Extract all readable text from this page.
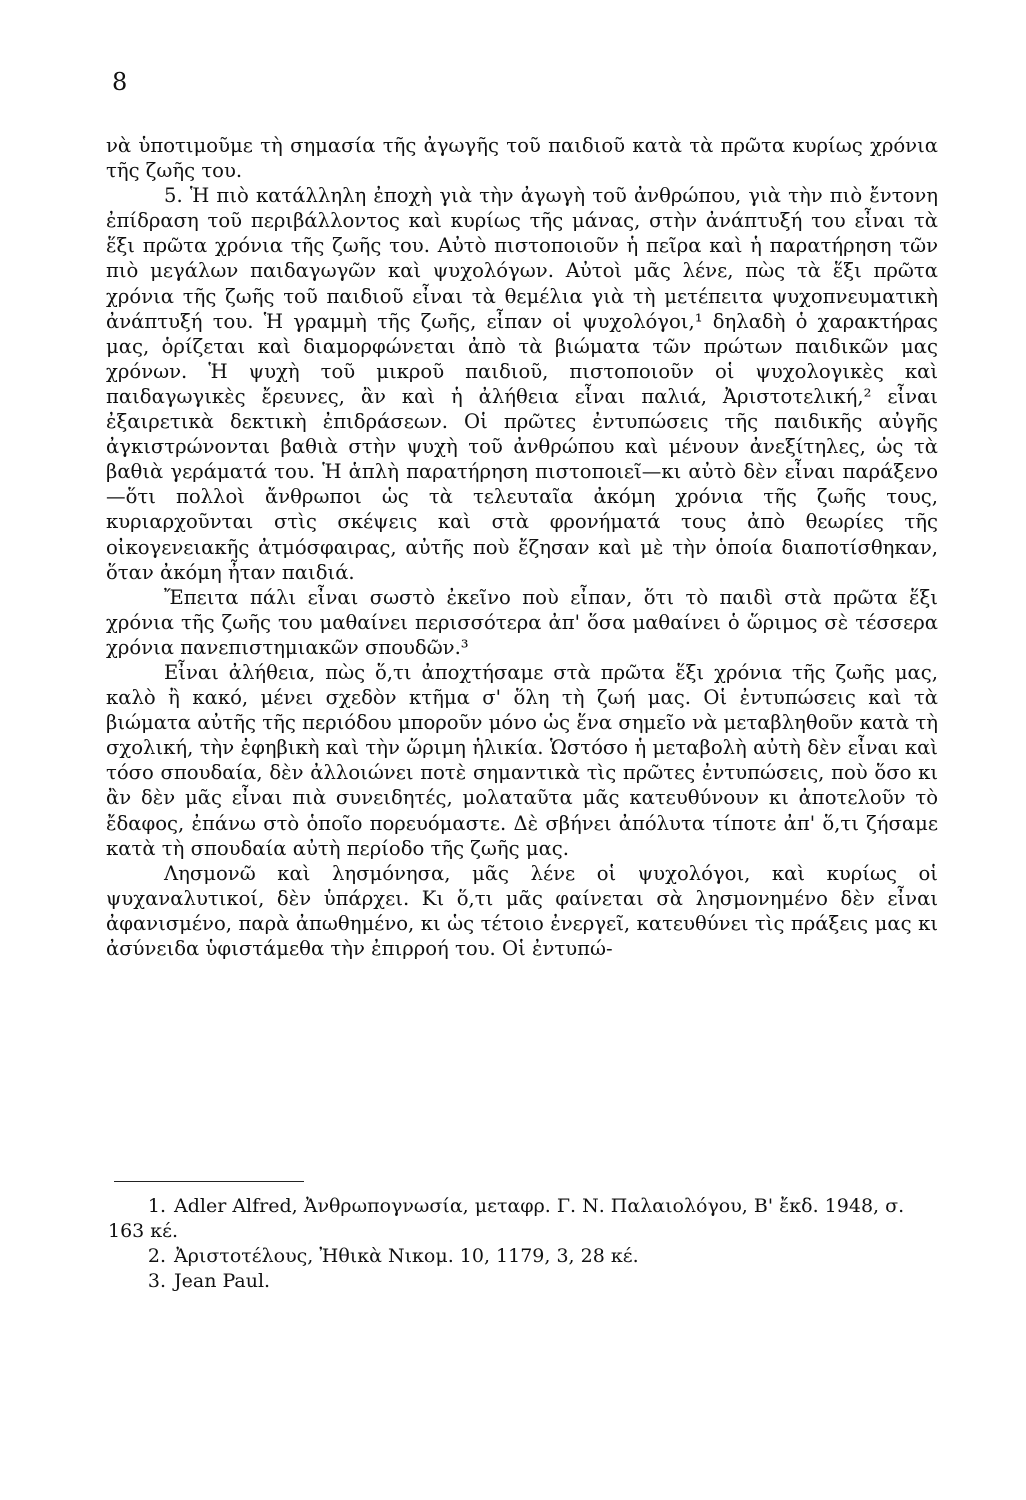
8

νὰ ὑποτιμοῦμε τὴ σημασία τῆς ἀγωγῆς τοῦ παιδιοῦ κατὰ τὰ πρῶτα κυρίως χρόνια τῆς ζωῆς του.

5. Ἡ πιὸ κατάλληλη ἐποχὴ γιὰ τὴν ἀγωγὴ τοῦ ἀνθρώπου, γιὰ τὴν πιὸ ἔντονη ἐπίδραση τοῦ περιβάλλοντος καὶ κυρίως τῆς μάνας, στὴν ἀνάπτυξή του εἶναι τὰ ἕξι πρῶτα χρόνια τῆς ζωῆς του. Αὐτὸ πιστοποιοῦν ἡ πεῖρα καὶ ἡ παρατήρηση τῶν πιὸ μεγάλων παιδαγωγῶν καὶ ψυχολόγων. Αὐτοὶ μᾶς λένε, πὼς τὰ ἕξι πρῶτα χρόνια τῆς ζωῆς τοῦ παιδιοῦ εἶναι τὰ θεμέλια γιὰ τὴ μετέπειτα ψυχοπνευματικὴ ἀνάπτυξή του. Ἡ γραμμὴ τῆς ζωῆς, εἶπαν οἱ ψυχολόγοι,¹ δηλαδὴ ὁ χαρακτήρας μας, ὁρίζεται καὶ διαμορφώνεται ἀπὸ τὰ βιώματα τῶν πρώτων παιδικῶν μας χρόνων. Ἡ ψυχὴ τοῦ μικροῦ παιδιοῦ, πιστοποιοῦν οἱ ψυχολογικὲς καὶ παιδαγωγικὲς ἔρευνες, ἂν καὶ ἡ ἀλήθεια εἶναι παλιά, Ἀριστοτελική,² εἶναι ἐξαιρετικὰ δεκτικὴ ἐπιδράσεων. Οἱ πρῶτες ἐντυπώσεις τῆς παιδικῆς αὐγῆς ἀγκιστρώνονται βαθιὰ στὴν ψυχὴ τοῦ ἀνθρώπου καὶ μένουν ἀνεξίτηλες, ὡς τὰ βαθιὰ γεράματά του. Ἡ ἁπλὴ παρατήρηση πιστοποιεῖ—κι αὐτὸ δὲν εἶναι παράξενο—ὅτι πολλοὶ ἄνθρωποι ὡς τὰ τελευταῖα ἀκόμη χρόνια τῆς ζωῆς τους, κυριαρχοῦνται στὶς σκέψεις καὶ στὰ φρονήματά τους ἀπὸ θεωρίες τῆς οἰκογενειακῆς ἀτμόσφαιρας, αὐτῆς ποὺ ἔζησαν καὶ μὲ τὴν ὁποία διαποτίσθηκαν, ὅταν ἀκόμη ἦταν παιδιά.

Ἔπειτα πάλι εἶναι σωστὸ ἐκεῖνο ποὺ εἶπαν, ὅτι τὸ παιδὶ στὰ πρῶτα ἕξι χρόνια τῆς ζωῆς του μαθαίνει περισσότερα ἀπ' ὅσα μαθαίνει ὁ ὥριμος σὲ τέσσερα χρόνια πανεπιστημιακῶν σπουδῶν.³

Εἶναι ἀλήθεια, πὼς ὅ,τι ἀποχτήσαμε στὰ πρῶτα ἕξι χρόνια τῆς ζωῆς μας, καλὸ ἢ κακό, μένει σχεδὸν κτῆμα σ' ὅλη τὴ ζωή μας. Οἱ ἐντυπώσεις καὶ τὰ βιώματα αὐτῆς τῆς περιόδου μποροῦν μόνο ὡς ἕνα σημεῖο νὰ μεταβληθοῦν κατὰ τὴ σχολική, τὴν ἐφηβικὴ καὶ τὴν ὥριμη ἡλικία. Ὡστόσο ἡ μεταβολὴ αὐτὴ δὲν εἶναι καὶ τόσο σπουδαία, δὲν ἀλλοιώνει ποτὲ σημαντικὰ τὶς πρῶτες ἐντυπώσεις, ποὺ ὅσο κι ἂν δὲν μᾶς εἶναι πιὰ συνειδητές, μολαταῦτα μᾶς κατευθύνουν κι ἀποτελοῦν τὸ ἔδαφος, ἐπάνω στὸ ὁποῖο πορευόμαστε. Δὲ σβήνει ἀπόλυτα τίποτε ἀπ' ὅ,τι ζήσαμε κατὰ τὴ σπουδαία αὐτὴ περίοδο τῆς ζωῆς μας.

Λησμονῶ καὶ λησμόνησα, μᾶς λένε οἱ ψυχολόγοι, καὶ κυρίως οἱ ψυχαναλυτικοί, δὲν ὑπάρχει. Κι ὅ,τι μᾶς φαίνεται σὰ λησμονημένο δὲν εἶναι ἀφανισμένο, παρὰ ἀπωθημένο, κι ὡς τέτοιο ἐνεργεῖ, κατευθύνει τὶς πράξεις μας κι ἀσύνειδα ὑφιστάμεθα τὴν ἐπιρροή του. Οἱ ἐντυπώ-

1. Adler Alfred, Ἀνθρωπογνωσία, μεταφρ. Γ. Ν. Παλαιολόγου, Β' ἔκδ. 1948, σ. 163 κέ.

2. Ἀριστοτέλους, Ἠθικὰ Νικομ. 10, 1179, 3, 28 κέ.

3. Jean Paul.
